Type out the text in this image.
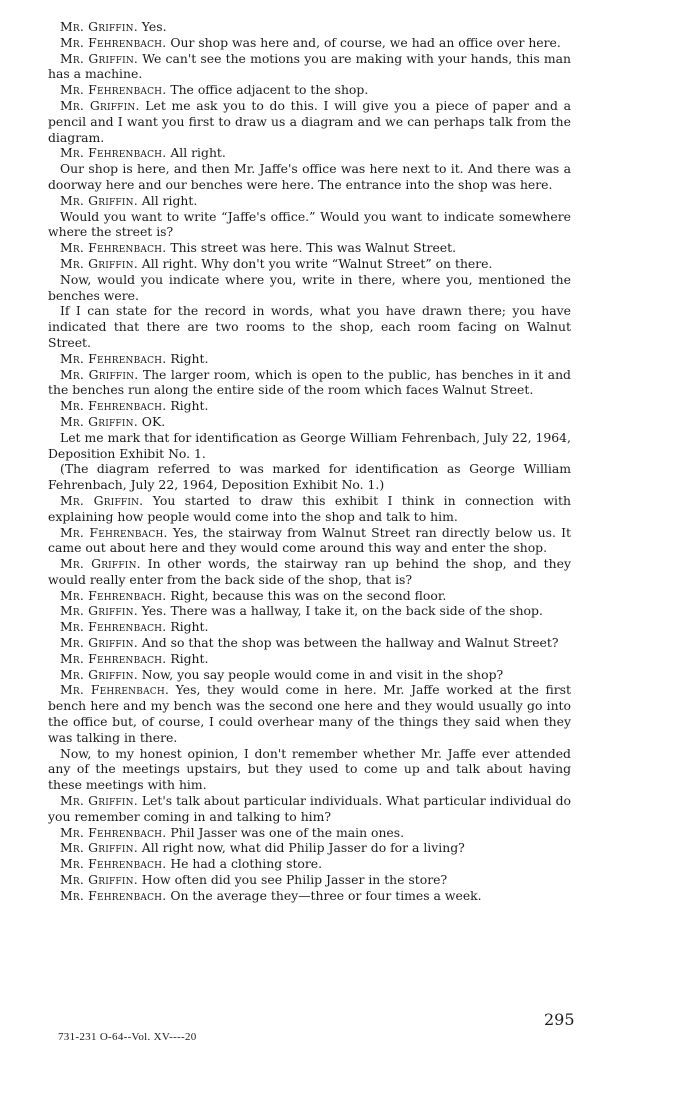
Mr. Griffin. Yes.

Mr. Fehrenbach. Our shop was here and, of course, we had an office over here.

Mr. Griffin. We can't see the motions you are making with your hands, this man has a machine.

Mr. Fehrenbach. The office adjacent to the shop.

Mr. Griffin. Let me ask you to do this. I will give you a piece of paper and a pencil and I want you first to draw us a diagram and we can perhaps talk from the diagram.

Mr. Fehrenbach. All right.

Our shop is here, and then Mr. Jaffe's office was here next to it. And there was a doorway here and our benches were here. The entrance into the shop was here.

Mr. Griffin. All right.

Would you want to write “Jaffe's office.” Would you want to indicate somewhere where the street is?

Mr. Fehrenbach. This street was here. This was Walnut Street.

Mr. Griffin. All right. Why don't you write “Walnut Street” on there.

Now, would you indicate where you, write in there, where you, mentioned the benches were.

If I can state for the record in words, what you have drawn there; you have indicated that there are two rooms to the shop, each room facing on Walnut Street.

Mr. Fehrenbach. Right.

Mr. Griffin. The larger room, which is open to the public, has benches in it and the benches run along the entire side of the room which faces Walnut Street.

Mr. Fehrenbach. Right.

Mr. Griffin. OK.

Let me mark that for identification as George William Fehrenbach, July 22, 1964, Deposition Exhibit No. 1.

(The diagram referred to was marked for identification as George William Fehrenbach, July 22, 1964, Deposition Exhibit No. 1.)

Mr. Griffin. You started to draw this exhibit I think in connection with explaining how people would come into the shop and talk to him.

Mr. Fehrenbach. Yes, the stairway from Walnut Street ran directly below us. It came out about here and they would come around this way and enter the shop.

Mr. Griffin. In other words, the stairway ran up behind the shop, and they would really enter from the back side of the shop, that is?

Mr. Fehrenbach. Right, because this was on the second floor.

Mr. Griffin. Yes. There was a hallway, I take it, on the back side of the shop.

Mr. Fehrenbach. Right.

Mr. Griffin. And so that the shop was between the hallway and Walnut Street?

Mr. Fehrenbach. Right.

Mr. Griffin. Now, you say people would come in and visit in the shop?

Mr. Fehrenbach. Yes, they would come in here. Mr. Jaffe worked at the first bench here and my bench was the second one here and they would usually go into the office but, of course, I could overhear many of the things they said when they was talking in there.

Now, to my honest opinion, I don't remember whether Mr. Jaffe ever attended any of the meetings upstairs, but they used to come up and talk about having these meetings with him.

Mr. Griffin. Let's talk about particular individuals. What particular individual do you remember coming in and talking to him?

Mr. Fehrenbach. Phil Jasser was one of the main ones.

Mr. Griffin. All right now, what did Philip Jasser do for a living?

Mr. Fehrenbach. He had a clothing store.

Mr. Griffin. How often did you see Philip Jasser in the store?

Mr. Fehrenbach. On the average they—three or four times a week.

295
731-231 O-64--Vol. XV----20
